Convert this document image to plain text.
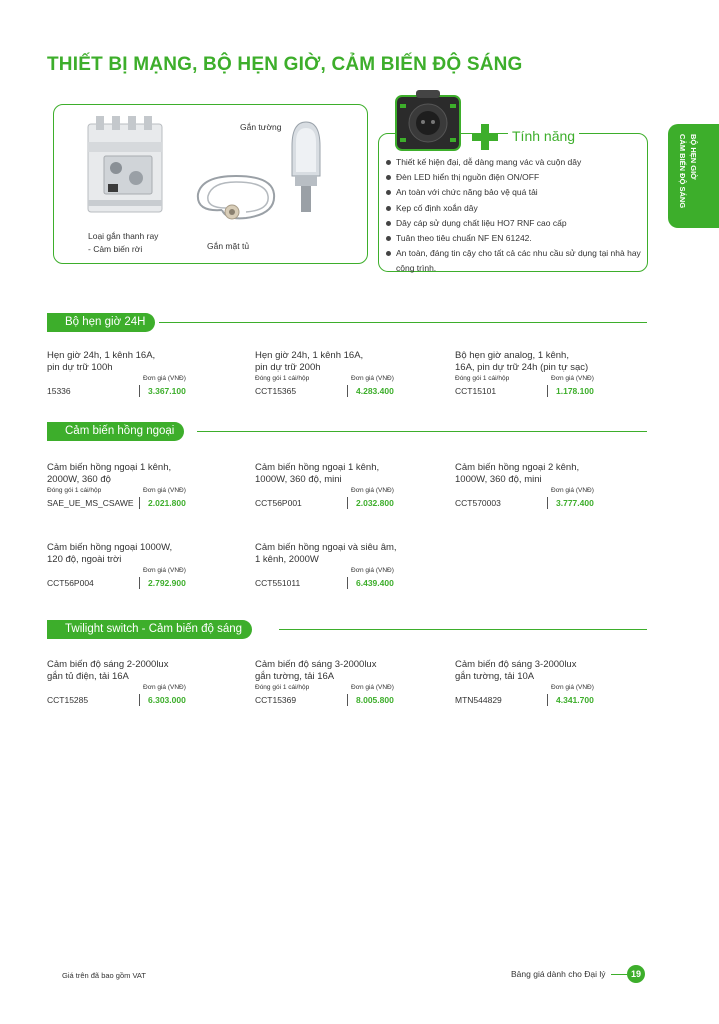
THIẾT BỊ MẠNG, BỘ HẸN GIỜ, CẢM BIẾN ĐỘ SÁNG
BỘ HẸN GIỜ
CẢM BIẾN ĐỘ SÁNG
Gắn tường
Loại gắn thanh ray
- Cảm biến rời	Gắn mặt tủ
Tính năng
Thiết kế hiện đại, dễ dàng mang vác và cuộn dây
Đèn LED hiển thị nguồn điện ON/OFF
An toàn với chức năng bảo vệ quá tải
Kẹp cố định xoắn dây
Dây cáp sử dụng chất liệu HO7 RNF cao cấp
Tuân theo tiêu chuẩn NF EN 61242.
An toàn, đáng tin cậy cho tất cả các nhu cầu sử dụng tại nhà hay công trình.
Bộ hẹn giờ 24H
Hẹn giờ 24h, 1 kênh 16A,
pin dự trữ 100h
Đơn giá (VNĐ)
15336	3.367.100
Hẹn giờ 24h, 1 kênh 16A,
pin dự trữ 200h
Đóng gói 1 cái/hộp	Đơn giá (VNĐ)
CCT15365	4.283.400
Bộ hẹn giờ analog, 1 kênh,
16A, pin dự trữ 24h (pin tự sạc)
Đóng gói 1 cái/hộp	Đơn giá (VNĐ)
CCT15101	1.178.100
Cảm biến hồng ngoại
Cảm biến hồng ngoại 1 kênh,
2000W, 360 độ
Đóng gói 1 cái/hộp	Đơn giá (VNĐ)
SAE_UE_MS_CSAWE 2.021.800
Cảm biến hồng ngoại 1 kênh,
1000W, 360 độ, mini
Đơn giá (VNĐ)
CCT56P001	2.032.800
Cảm biến hồng ngoại 2 kênh,
1000W, 360 độ, mini
Đơn giá (VNĐ)
CCT570003	3.777.400
Cảm biến hồng ngoại 1000W,
120 độ, ngoài trời
Đơn giá (VNĐ)
CCT56P004	2.792.900
Cảm biến hồng ngoại và siêu âm,
1 kênh, 2000W
Đơn giá (VNĐ)
CCT551011	6.439.400
Twilight switch - Cảm biến độ sáng
Cảm biến độ sáng 2-2000lux
gắn tủ điện, tải 16A
Đơn giá (VNĐ)
CCT15285	6.303.000
Cảm biến độ sáng 3-2000lux
gắn tường, tải 16A
Đóng gói 1 cái/hộp	Đơn giá (VNĐ)
CCT15369	8.005.800
Cảm biến độ sáng 3-2000lux
gắn tường, tải 10A
Đơn giá (VNĐ)
MTN544829	4.341.700
Giá trên đã bao gồm VAT	Bảng giá dành cho Đại lý	19
